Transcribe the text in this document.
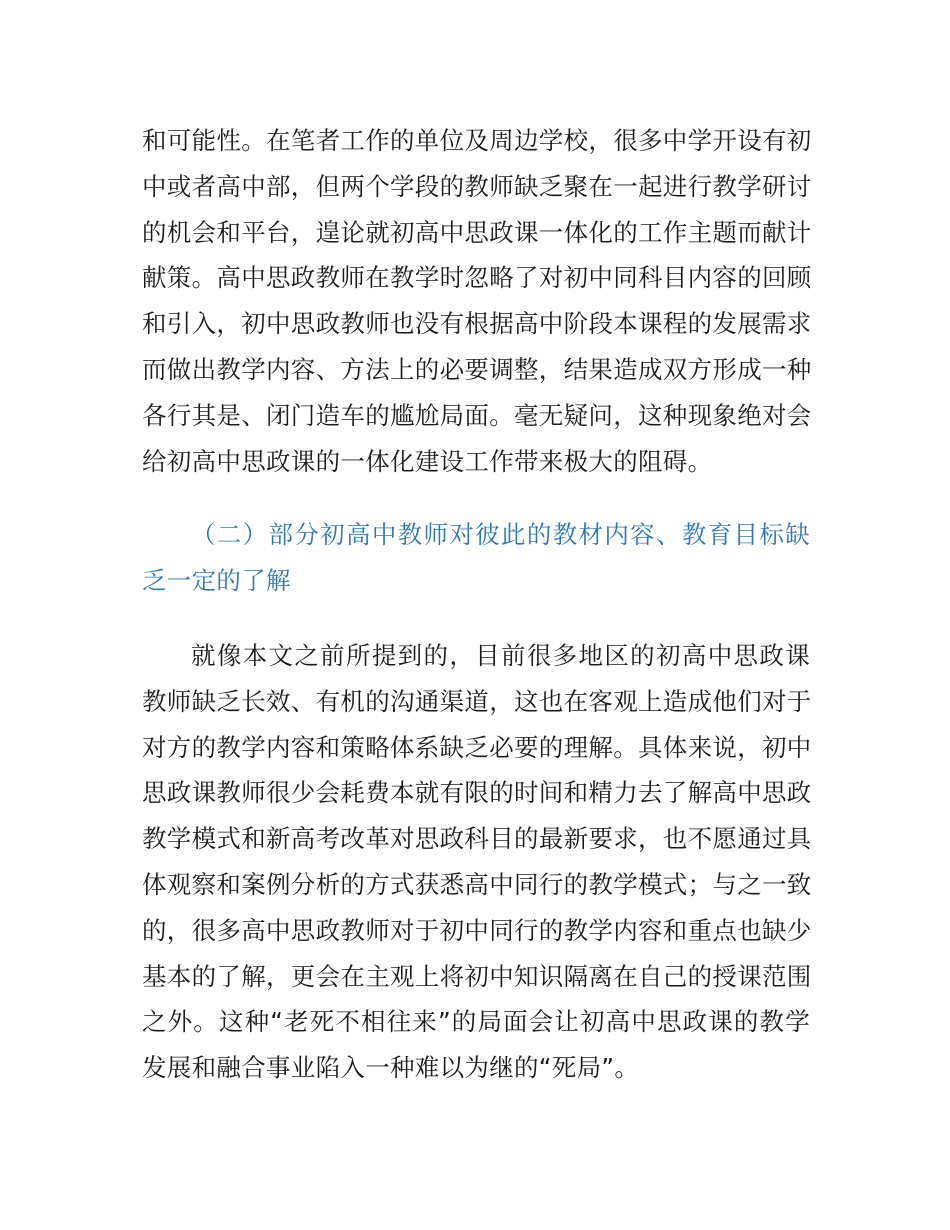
和可能性。在笔者工作的单位及周边学校，很多中学开设有初
中或者高中部，但两个学段的教师缺乏聚在一起进行教学研讨
的机会和平台，遑论就初高中思政课一体化的工作主题而献计
献策。高中思政教师在教学时忽略了对初中同科目内容的回顾
和引入，初中思政教师也没有根据高中阶段本课程的发展需求
而做出教学内容、方法上的必要调整，结果造成双方形成一种
各行其是、闭门造车的尴尬局面。毫无疑问，这种现象绝对会
给初高中思政课的一体化建设工作带来极大的阻碍。
（二）部分初高中教师对彼此的教材内容、教育目标缺
乏一定的了解
就像本文之前所提到的，目前很多地区的初高中思政课
教师缺乏长效、有机的沟通渠道，这也在客观上造成他们对于
对方的教学内容和策略体系缺乏必要的理解。具体来说，初中
思政课教师很少会耗费本就有限的时间和精力去了解高中思政
教学模式和新高考改革对思政科目的最新要求，也不愿通过具
体观察和案例分析的方式获悉高中同行的教学模式；与之一致
的，很多高中思政教师对于初中同行的教学内容和重点也缺少
基本的了解，更会在主观上将初中知识隔离在自己的授课范围
之外。这种“老死不相往来”的局面会让初高中思政课的教学
发展和融合事业陷入一种难以为继的“死局”。
